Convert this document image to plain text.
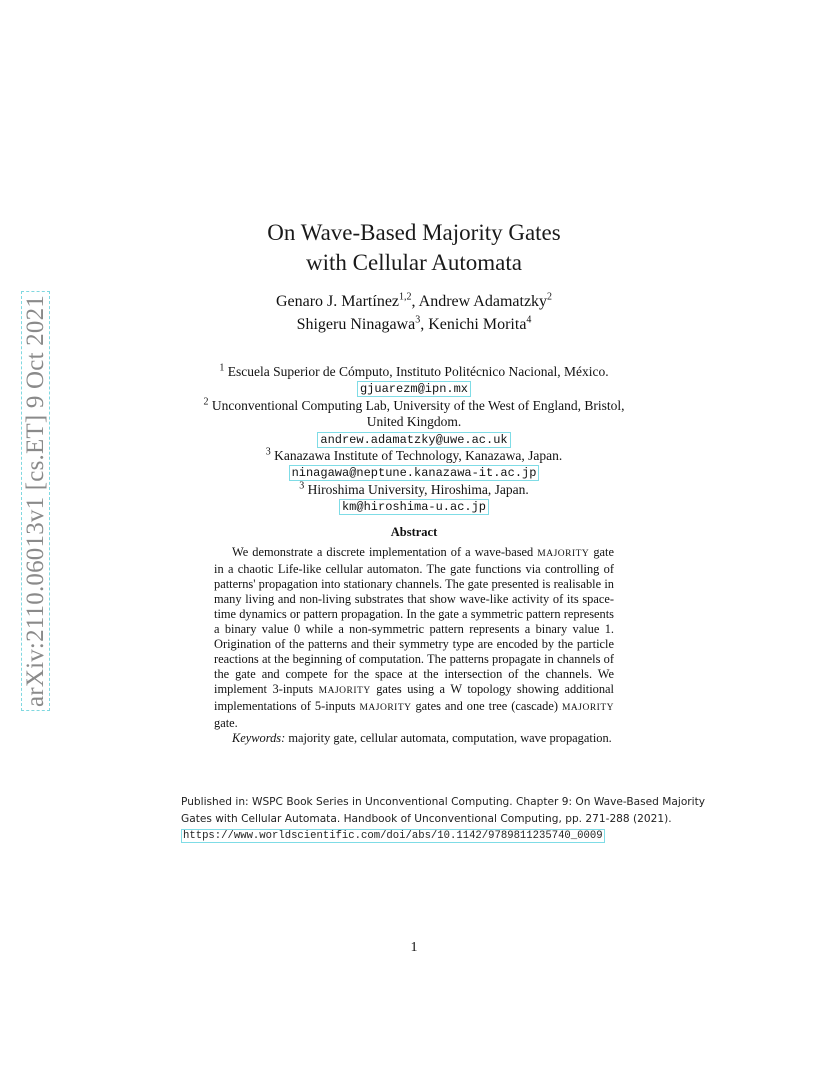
arXiv:2110.06013v1 [cs.ET] 9 Oct 2021
On Wave-Based Majority Gates
with Cellular Automata
Genaro J. Martínez$^{1,2}$, Andrew Adamatzky$^2$
Shigeru Ninagawa$^3$, Kenichi Morita$^4$
$^1$ Escuela Superior de Cómputo, Instituto Politécnico Nacional, México.
gjuarezm@ipn.mx
$^2$ Unconventional Computing Lab, University of the West of England, Bristol,
United Kingdom.
andrew.adamatzky@uwe.ac.uk
$^3$ Kanazawa Institute of Technology, Kanazawa, Japan.
ninagawa@neptune.kanazawa-it.ac.jp
$^3$ Hiroshima University, Hiroshima, Japan.
km@hiroshima-u.ac.jp
Abstract

We demonstrate a discrete implementation of a wave-based MAJORITY gate in a chaotic Life-like cellular automaton. The gate functions via controlling of patterns' propagation into stationary channels. The gate presented is realisable in many living and non-living substrates that show wave-like activity of its space-time dynamics or pattern propagation. In the gate a symmetric pattern represents a binary value 0 while a non-symmetric pattern represents a binary value 1. Origination of the patterns and their symmetry type are encoded by the particle reactions at the beginning of computation. The patterns propagate in channels of the gate and compete for the space at the intersection of the channels. We implement 3-inputs MAJORITY gates using a W topology showing additional implementations of 5-inputs MAJORITY gates and one tree (cascade) MAJORITY gate.

Keywords: majority gate, cellular automata, computation, wave propagation.

Published in: WSPC Book Series in Unconventional Computing. Chapter 9: On Wave-Based Majority Gates with Cellular Automata. Handbook of Unconventional Computing, pp. 271-288 (2021). https://www.worldscientific.com/doi/abs/10.1142/9789811235740_0009
1
